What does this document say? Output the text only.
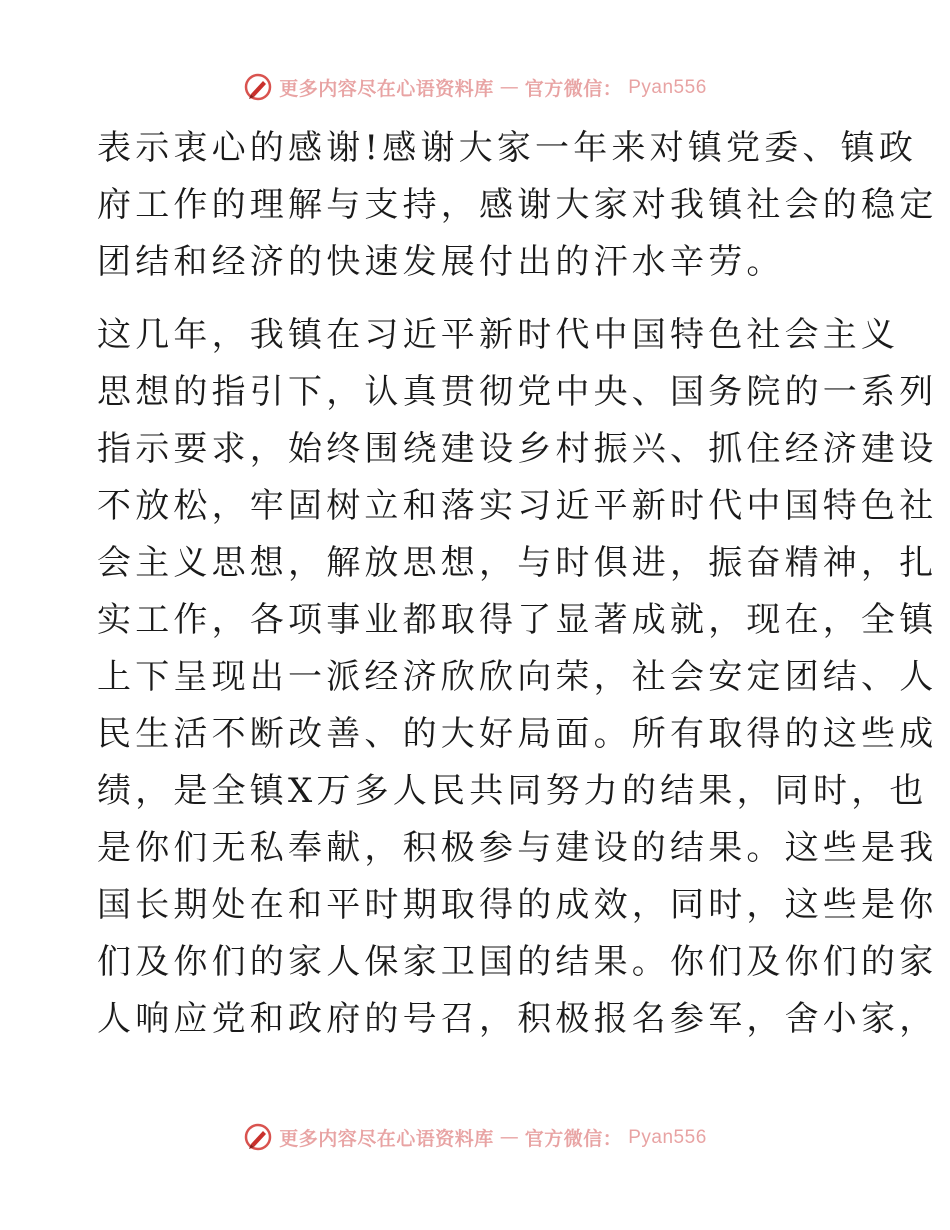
更多内容尽在心语资料库 — 官方微信： Pyan556
表示衷心的感谢!感谢大家一年来对镇党委、镇政
府工作的理解与支持，感谢大家对我镇社会的稳定
团结和经济的快速发展付出的汗水辛劳。
这几年，我镇在习近平新时代中国特色社会主义
思想的指引下，认真贯彻党中央、国务院的一系列
指示要求，始终围绕建设乡村振兴、抓住经济建设
不放松，牢固树立和落实习近平新时代中国特色社
会主义思想，解放思想，与时俱进，振奋精神，扎
实工作，各项事业都取得了显著成就，现在，全镇
上下呈现出一派经济欣欣向荣，社会安定团结、人
民生活不断改善、的大好局面。所有取得的这些成
绩，是全镇X万多人民共同努力的结果，同时，也
是你们无私奉献，积极参与建设的结果。这些是我
国长期处在和平时期取得的成效，同时，这些是你
们及你们的家人保家卫国的结果。你们及你们的家
人响应党和政府的号召，积极报名参军，舍小家，
更多内容尽在心语资料库 — 官方微信： Pyan556
